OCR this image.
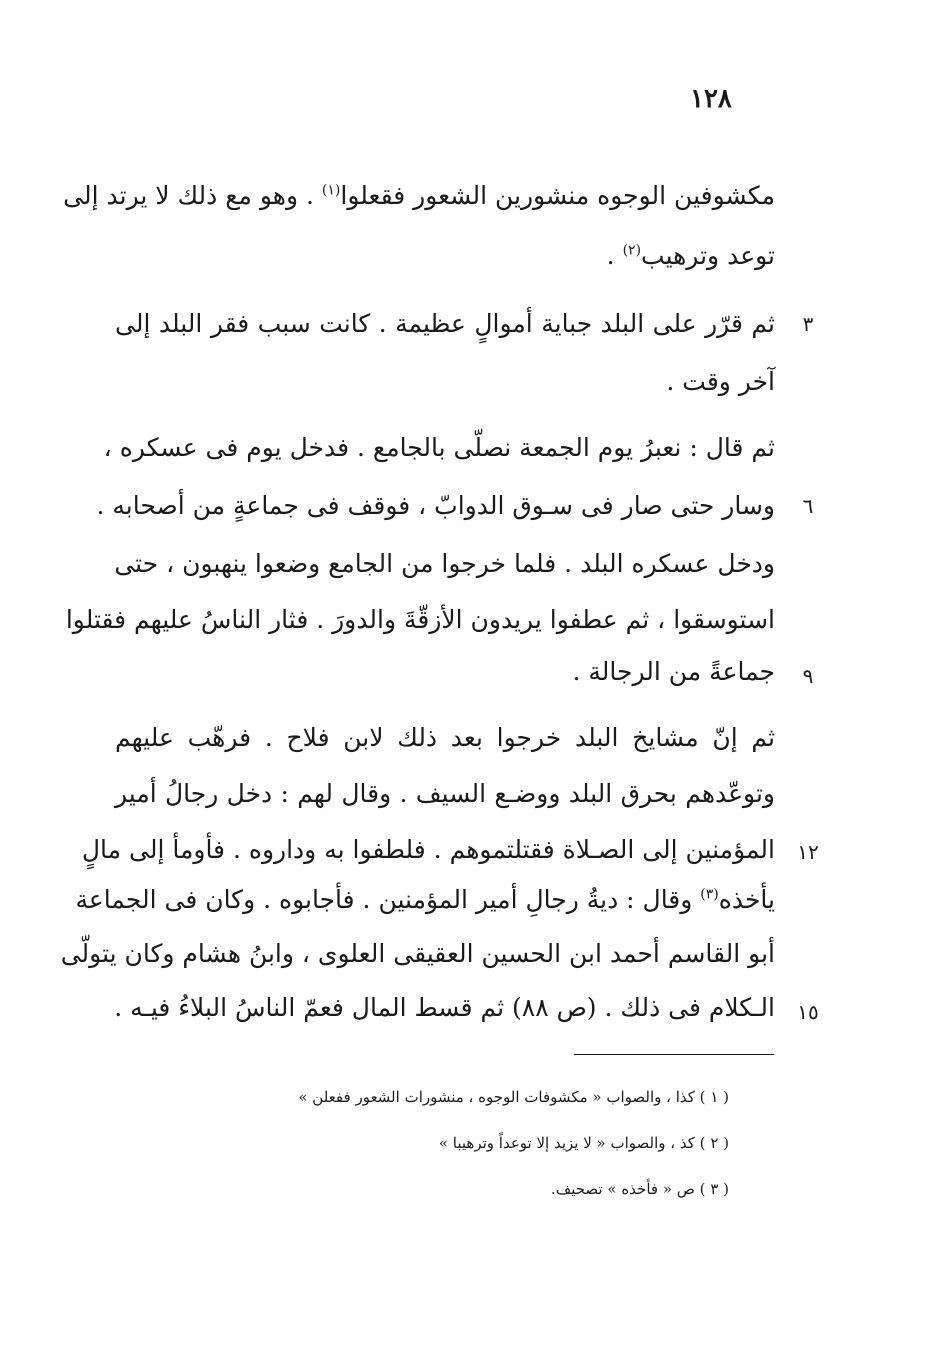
١٢٨
مكشوفين الوجوه منشورين الشعور فقعلوا$^{(١)}$ . وهو مع ذلك لا يرتد إلى
توعد وترهيب$^{(٢)}$ .
ثم قرّر على البلد جباية أموالٍ عظيمة . كانت سبب فقر البلد إلى	٣
آخر وقت .
ثم قال : نعبرُ يوم الجمعة نصلّى بالجامع . فدخل يوم فى عسكره ،
وسار حتى صار فى سـوق الدوابّ ، فوقف فى جماعةٍ من أصحابه .	٦
ودخل عسكره البلد . فلما خرجوا من الجامع وضعوا ينهبون ، حتى
استوسقوا ، ثم عطفوا يريدون الأزقّةَ والدورَ . فثار الناسُ عليهم فقتلوا
جماعةً من الرجالة .	٩
ثم إنّ مشايخ البلد خرجوا بعد ذلك لابن فلاح . فرهّب عليهم
وتوعّدهم بحرق البلد ووضـع السيف . وقال لهم : دخل رجالُ أمير
المؤمنين إلى الصـلاة فقتلتموهم . فلطفوا به وداروه . فأومأ إلى مالٍ	١٢
يأخذه$^{(٣)}$ وقال : ديةُ رجالِ أمير المؤمنين . فأجابوه . وكان فى الجماعة
أبو القاسم أحمد ابن الحسين العقيقى العلوى ، وابنُ هشام وكان يتولّى
الـكلام فى ذلك . (ص ٨٨) ثم قسط المال فعمّ الناسُ البلاءُ فيـه .	١٥
( ١ ) كذا ، والصواب « مكشوفات الوجوه ، منشورات الشعور ففعلن »
( ٢ ) كذ ، والصواب « لا يزيد إلا توعداً وترهيبا »
( ٣ ) ص « فأخذه » تصحيف.
